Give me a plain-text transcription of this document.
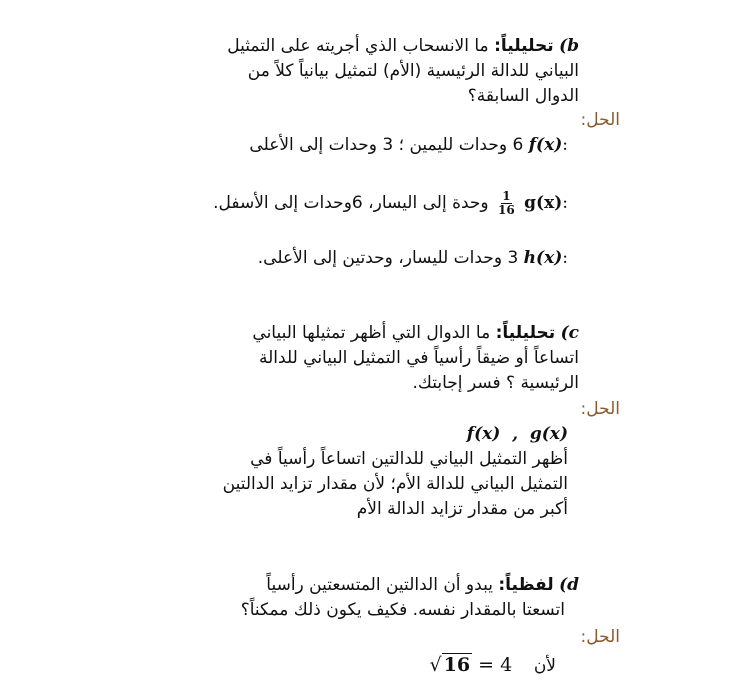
b) تحليلياً: ما الانسحاب الذي أجريته على التمثيل

البياني للدالة الرئيسية (الأم) لتمثيل بيانياً كلاً من

الدوال السابقة؟

الحل:
f(x): 6 وحدات لليمين ؛ 3 وحدات إلى الأعلى
g(x):
$\frac{1}{16}$
وحدة إلى اليسار، 6وحدات إلى الأسفل.
h(x): 3 وحدات لليسار، وحدتين إلى الأعلى.

c) تحليلياً: ما الدوال التي أظهر تمثيلها البياني

اتساعاً أو ضيقاً رأسياً في التمثيل البياني للدالة

الرئيسية ؟ فسر إجابتك.

الحل:

f(x)  ,  g(x)

أظهر التمثيل البياني للدالتين اتساعاً رأسياً في

التمثيل البياني للدالة الأم؛ لأن مقدار تزايد الدالتين

أكبر من مقدار تزايد الدالة الأم

d) لفظياً: يبدو أن الدالتين المتسعتين رأسياً

اتسعتا بالمقدار نفسه. فكيف يكون ذلك ممكناً؟

الحل:
لأن    √ 16 = 4
